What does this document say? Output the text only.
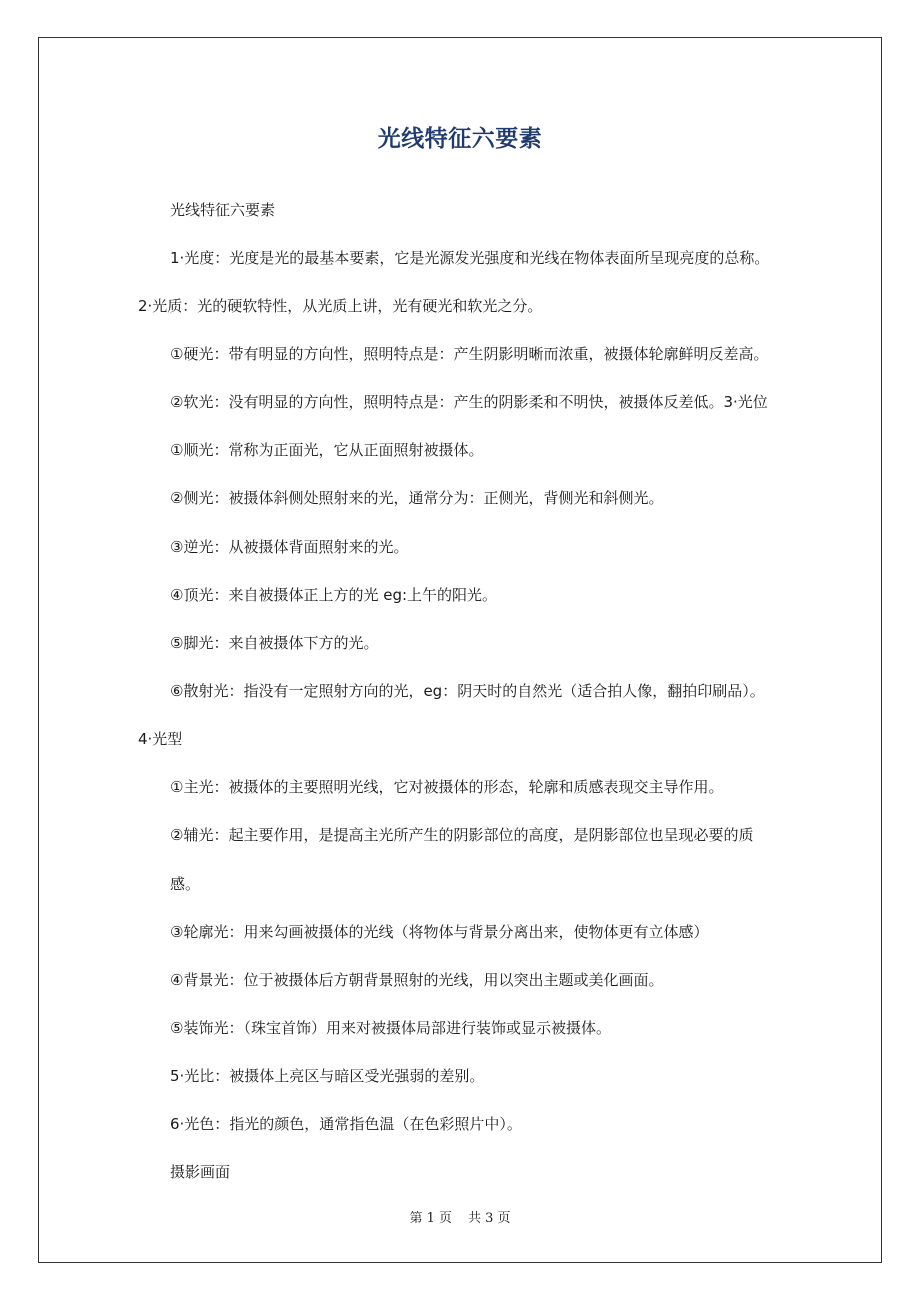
光线特征六要素
光线特征六要素
1·光度：光度是光的最基本要素，它是光源发光强度和光线在物体表面所呈现亮度的总称。
2·光质：光的硬软特性，从光质上讲，光有硬光和软光之分。
①硬光：带有明显的方向性，照明特点是：产生阴影明晰而浓重，被摄体轮廓鲜明反差高。
②软光：没有明显的方向性，照明特点是：产生的阴影柔和不明快，被摄体反差低。3·光位
①顺光：常称为正面光，它从正面照射被摄体。
②侧光：被摄体斜侧处照射来的光，通常分为：正侧光，背侧光和斜侧光。
③逆光：从被摄体背面照射来的光。
④顶光：来自被摄体正上方的光 eg:上午的阳光。
⑤脚光：来自被摄体下方的光。
⑥散射光：指没有一定照射方向的光，eg：阴天时的自然光（适合拍人像，翻拍印刷品）。
4·光型
①主光：被摄体的主要照明光线，它对被摄体的形态，轮廓和质感表现交主导作用。
②辅光：起主要作用，是提高主光所产生的阴影部位的高度，是阴影部位也呈现必要的质
感。
③轮廓光：用来勾画被摄体的光线（将物体与背景分离出来，使物体更有立体感）
④背景光：位于被摄体后方朝背景照射的光线，用以突出主题或美化画面。
⑤装饰光：（珠宝首饰）用来对被摄体局部进行装饰或显示被摄体。
5·光比：被摄体上亮区与暗区受光强弱的差别。
6·光色：指光的颜色，通常指色温（在色彩照片中）。
摄影画面
第 1 页 共 3 页
